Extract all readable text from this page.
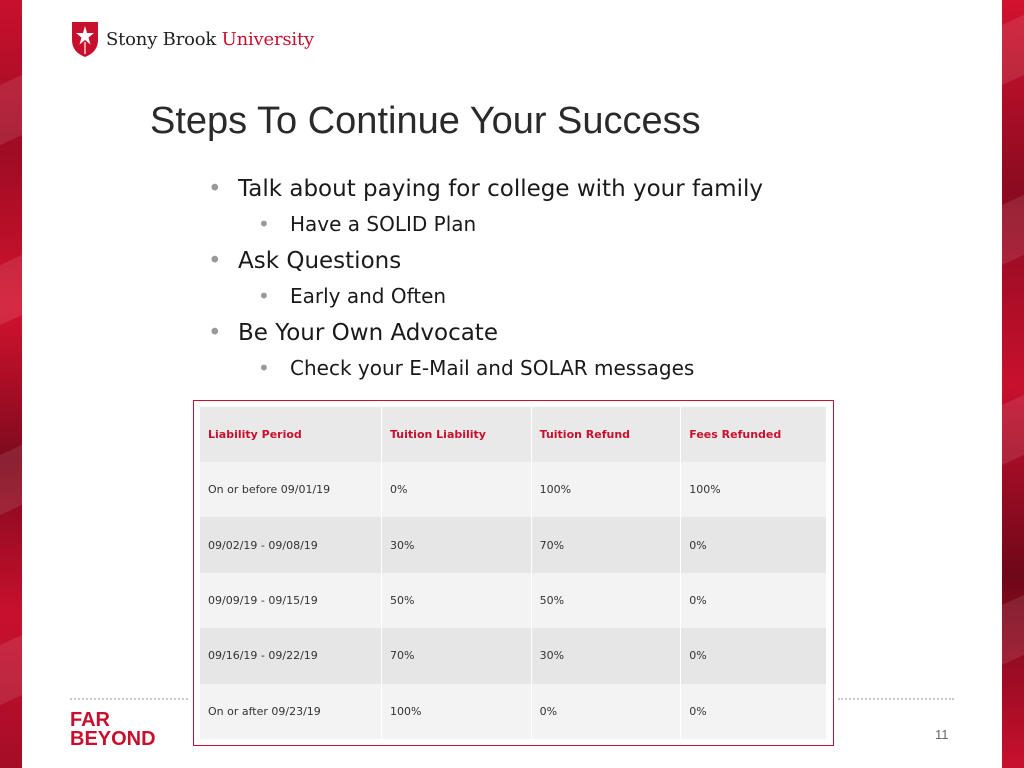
Stony Brook University
Steps To Continue Your Success
• Talk about paying for college with your family
•	Have a SOLID Plan
• Ask Questions
•	Early and Often
• Be Your Own Advocate
•	Check your E-Mail and SOLAR messages
Liability Period	Tuition Liability	Tuition Refund	Fees Refunded
On or before 09/01/19	0%	100%	100%
09/02/19 - 09/08/19	30%	70%	0%
09/09/19 - 09/15/19	50%	50%	0%
09/16/19 - 09/22/19	70%	30%	0%
On or after 09/23/19	100%	0%	0%
FAR
BEYOND	11
